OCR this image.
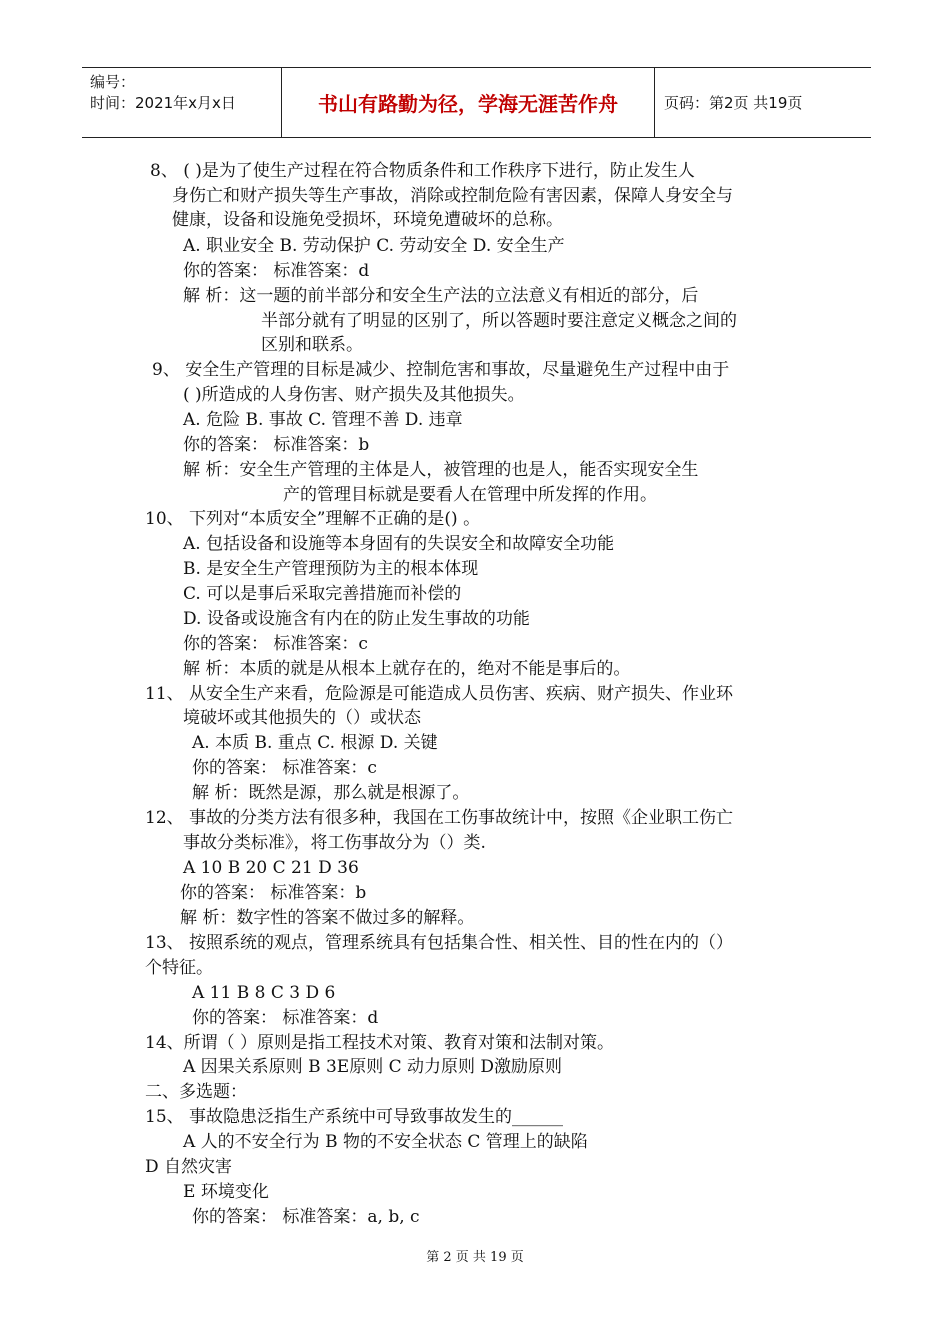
编号：
时间：2021年x月x日	书山有路勤为径，学海无涯苦作舟	页码：第2页 共19页
8、 ( )是为了使生产过程在符合物质条件和工作秩序下进行，防止发生人
身伤亡和财产损失等生产事故，消除或控制危险有害因素，保障人身安全与
健康，设备和设施免受损坏，环境免遭破坏的总称。
A. 职业安全 B. 劳动保护 C. 劳动安全 D. 安全生产
你的答案： 标准答案：d
解 析：这一题的前半部分和安全生产法的立法意义有相近的部分，后
半部分就有了明显的区别了，所以答题时要注意定义概念之间的
区别和联系。
9、 安全生产管理的目标是减少、控制危害和事故，尽量避免生产过程中由于
( )所造成的人身伤害、财产损失及其他损失。
A. 危险 B. 事故 C. 管理不善 D. 违章
你的答案： 标准答案：b
解 析：安全生产管理的主体是人，被管理的也是人，能否实现安全生
产的管理目标就是要看人在管理中所发挥的作用。
10、 下列对“本质安全”理解不正确的是() 。
A. 包括设备和设施等本身固有的失误安全和故障安全功能
B. 是安全生产管理预防为主的根本体现
C. 可以是事后采取完善措施而补偿的
D. 设备或设施含有内在的防止发生事故的功能
你的答案： 标准答案：c
解 析：本质的就是从根本上就存在的，绝对不能是事后的。
11、 从安全生产来看，危险源是可能造成人员伤害、疾病、财产损失、作业环
境破坏或其他损失的（）或状态
A. 本质 B. 重点 C. 根源 D. 关键
你的答案： 标准答案：c
解 析：既然是源，那么就是根源了。
12、 事故的分类方法有很多种，我国在工伤事故统计中，按照《企业职工伤亡
事故分类标准》，将工伤事故分为（）类.
A 10 B 20 C 21 D 36
你的答案： 标准答案：b
解 析：数字性的答案不做过多的解释。
13、 按照系统的观点，管理系统具有包括集合性、相关性、目的性在内的（）
个特征。
A 11 B 8 C 3 D 6
你的答案： 标准答案：d
14、所谓（ ）原则是指工程技术对策、教育对策和法制对策。
A 因果关系原则 B 3E原则 C 动力原则 D激励原则
二、多选题：
15、 事故隐患泛指生产系统中可导致事故发生的______
A 人的不安全行为 B 物的不安全状态 C 管理上的缺陷
D 自然灾害
E 环境变化
你的答案： 标准答案：a, b, c
第 2 页 共 19 页
